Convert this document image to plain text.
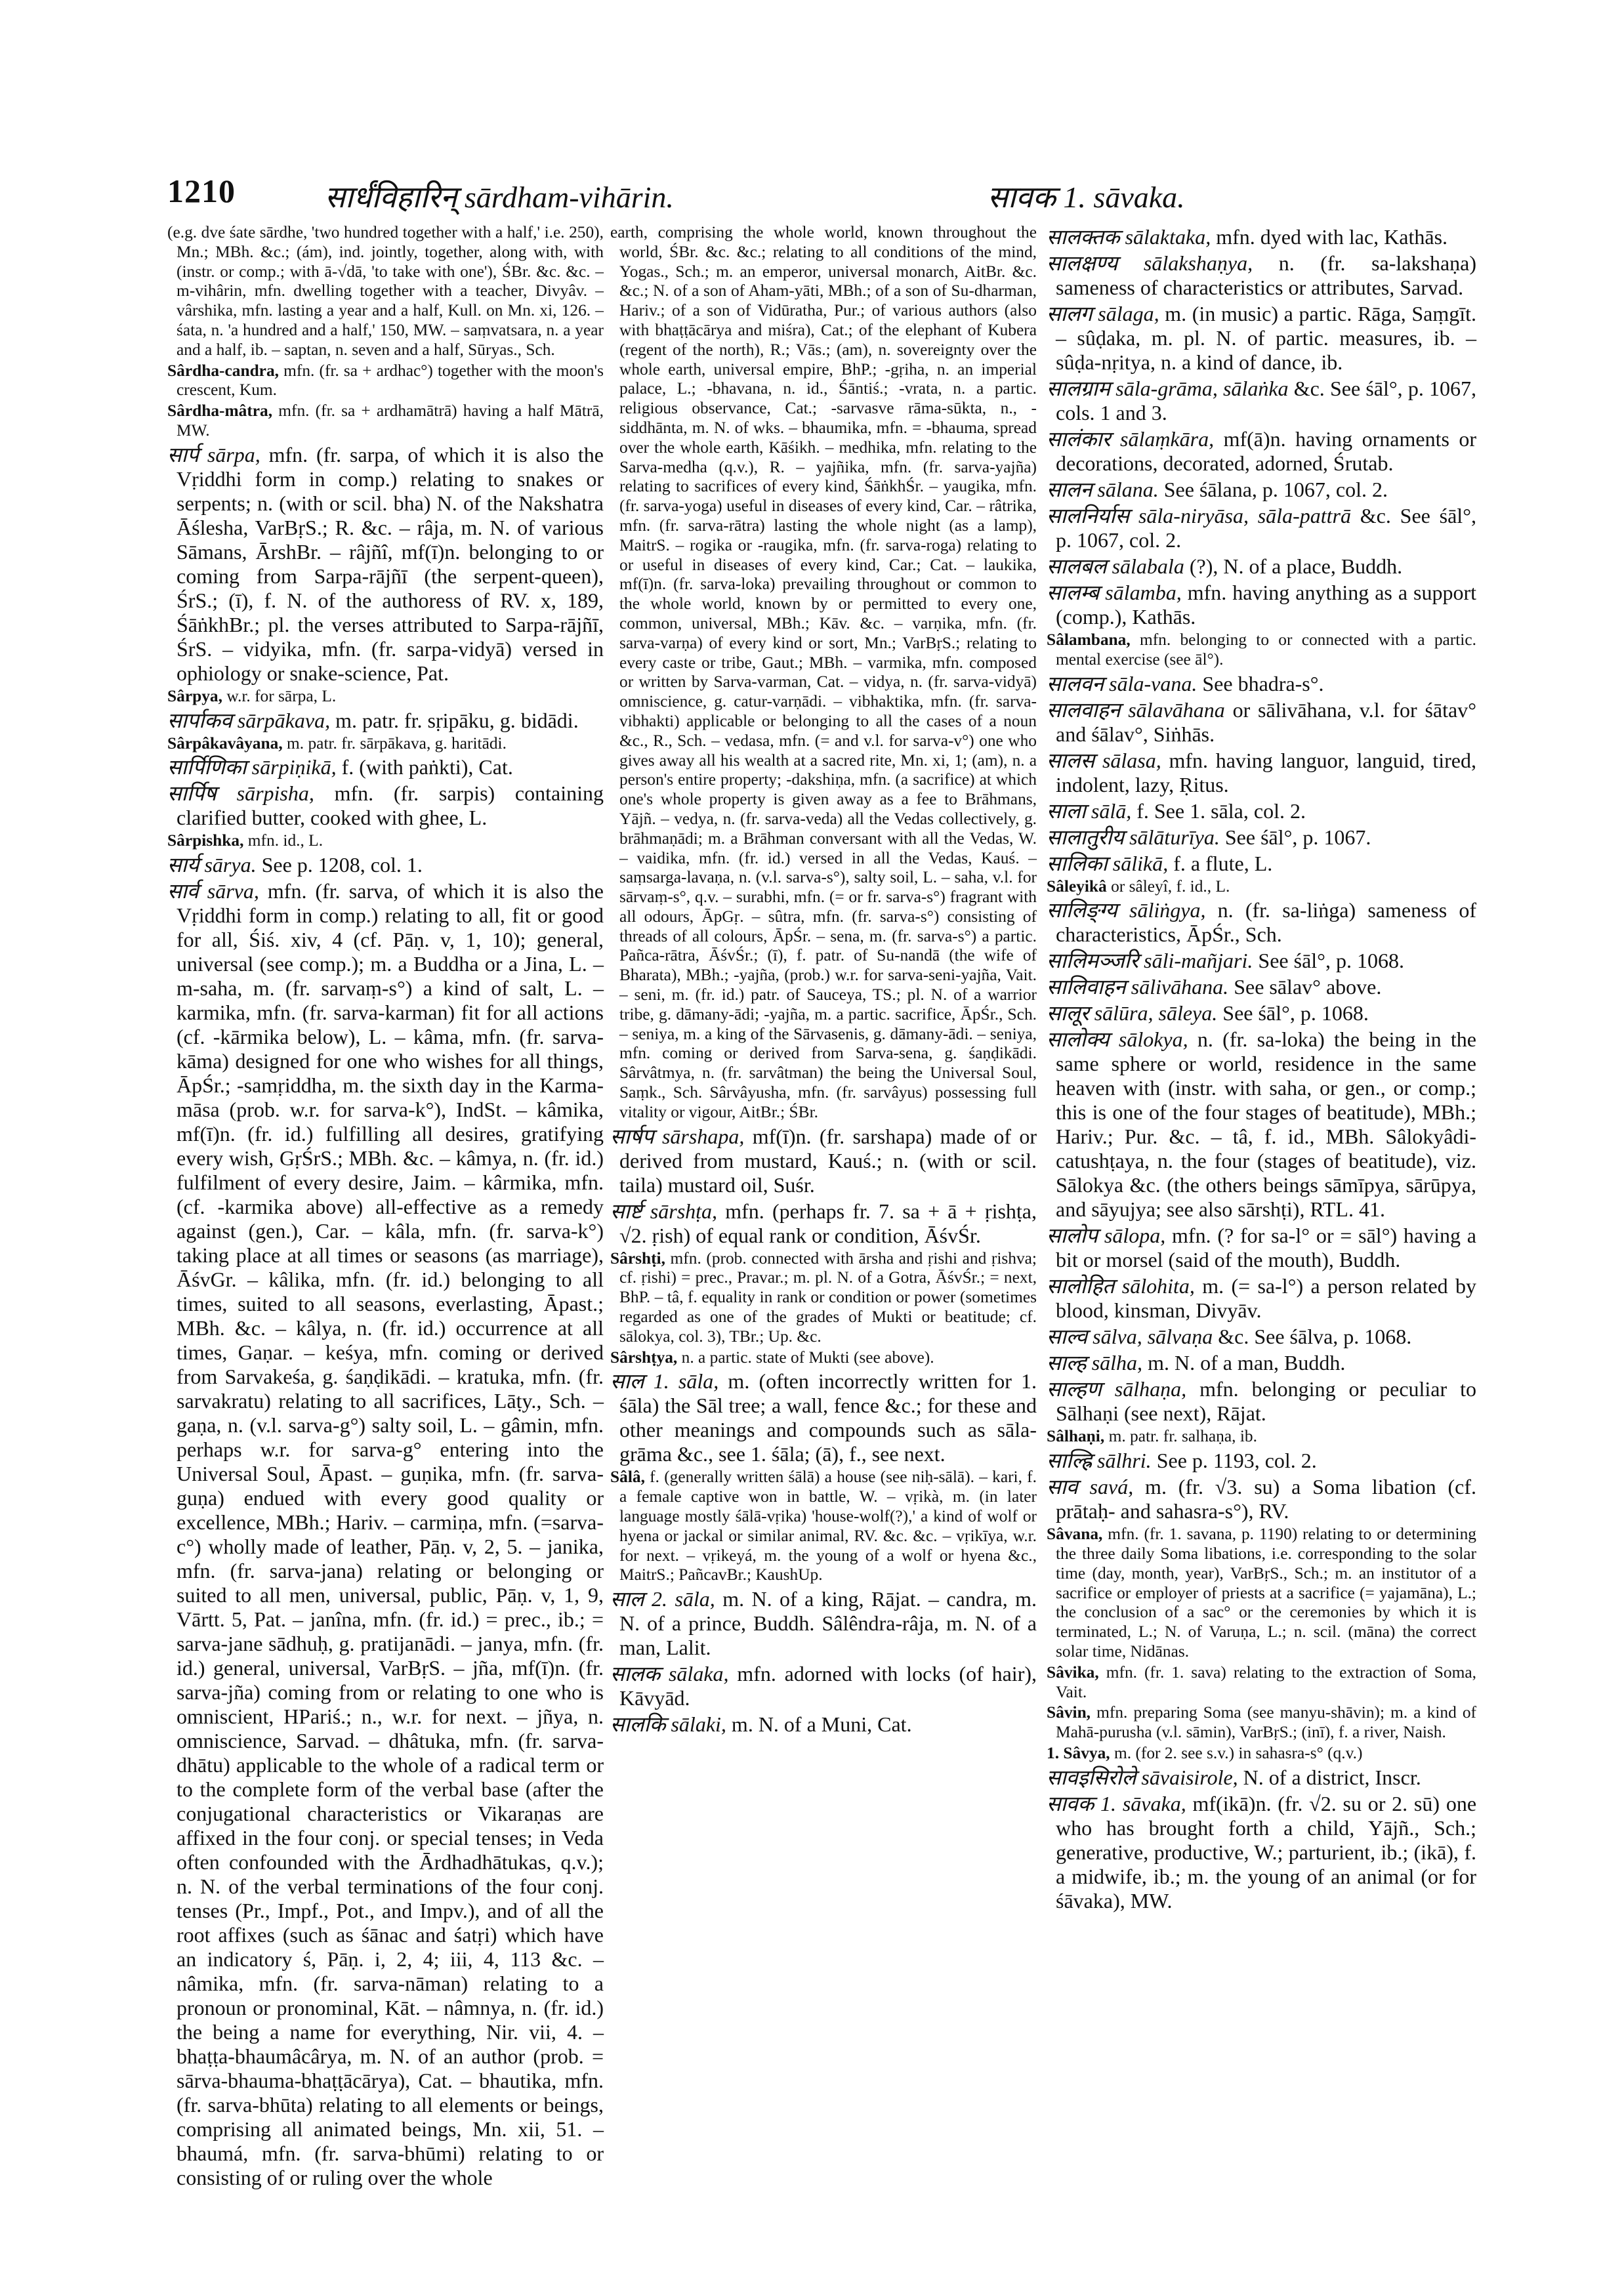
1210	सार्धंविहारिन् sārdham-vihārin.	सावक 1. sāvaka.

(e.g. dve śate sārdhe, 'two hundred together with a half,' i.e. 250), Mn.; MBh. &c.; (ám), ind. jointly, together, along with, with (instr. or comp.; with ā-√dā, 'to take with one'), ŚBr. &c. &c. – m-vihârin, mfn. dwelling together with a teacher, Divyâv. – vârshika, mfn. lasting a year and a half, Kull. on Mn. xi, 126. – śata, n. 'a hundred and a half,' 150, MW. – saṃvatsara, n. a year and a half, ib. – saptan, n. seven and a half, Sūryas., Sch.

Sârdha-candra, mfn. (fr. sa + ardhac°) together with the moon's crescent, Kum.

Sârdha-mâtra, mfn. (fr. sa + ardhamātrā) having a half Mātrā, MW.

सार्प sārpa, mfn. (fr. sarpa, of which it is also the Vṛiddhi form in comp.) relating to snakes or serpents; n. (with or scil. bha) N. of the Nakshatra Āślesha, VarBṛS.; R. &c. – râja, m. N. of various Sāmans, ĀrshBr. – râjñî, mf(ī)n. belonging to or coming from Sarpa-rājñī (the serpent-queen), ŚrS.; (ī), f. N. of the authoress of RV. x, 189, ŚāṅkhBr.; pl. the verses attributed to Sarpa-rājñī, ŚrS. – vidyika, mfn. (fr. sarpa-vidyā) versed in ophiology or snake-science, Pat.

Sârpya, w.r. for sārpa, L.

सार्पाकव sārpākava, m. patr. fr. sṛipāku, g. bidādi.

Sârpâkavâyana, m. patr. fr. sārpākava, g. haritādi.

सार्पिणिका sārpiṇikā, f. (with paṅkti), Cat.

सार्पिष sārpisha, mfn. (fr. sarpis) containing clarified butter, cooked with ghee, L.

Sârpishka, mfn. id., L.

सार्य sārya. See p. 1208, col. 1.

सार्व sārva, mfn. (fr. sarva, of which it is also the Vṛiddhi form in comp.) relating to all, fit or good for all, Śiś. xiv, 4 (cf. Pāṇ. v, 1, 10); general, universal (see comp.); m. a Buddha or a Jina, L. – m-saha, m. (fr. sarvaṃ-s°) a kind of salt, L. – karmika, mfn. (fr. sarva-karman) fit for all actions (cf. -kārmika below), L. – kâma, mfn. (fr. sarva-kāma) designed for one who wishes for all things, ĀpŚr.; -samṛiddha, m. the sixth day in the Karma-māsa (prob. w.r. for sarva-k°), IndSt. – kâmika, mf(ī)n. (fr. id.) fulfilling all desires, gratifying every wish, GṛŚrS.; MBh. &c. – kâmya, n. (fr. id.) fulfilment of every desire, Jaim. – kârmika, mfn. (cf. -karmika above) all-effective as a remedy against (gen.), Car. – kâla, mfn. (fr. sarva-k°) taking place at all times or seasons (as marriage), ĀśvGr. – kâlika, mfn. (fr. id.) belonging to all times, suited to all seasons, everlasting, Āpast.; MBh. &c. – kâlya, n. (fr. id.) occurrence at all times, Gaṇar. – keśya, mfn. coming or derived from Sarvakeśa, g. śaṇḍikādi. – kratuka, mfn. (fr. sarvakratu) relating to all sacrifices, Lāṭy., Sch. – gaṇa, n. (v.l. sarva-g°) salty soil, L. – gâmin, mfn. perhaps w.r. for sarva-g° entering into the Universal Soul, Āpast. – guṇika, mfn. (fr. sarva-guṇa) endued with every good quality or excellence, MBh.; Hariv. – carmiṇa, mfn. (=sarva-c°) wholly made of leather, Pāṇ. v, 2, 5. – janika, mfn. (fr. sarva-jana) relating or belonging or suited to all men, universal, public, Pāṇ. v, 1, 9, Vārtt. 5, Pat. – janîna, mfn. (fr. id.) = prec., ib.; = sarva-jane sādhuḥ, g. pratijanādi. – janya, mfn. (fr. id.) general, universal, VarBṛS. – jña, mf(ī)n. (fr. sarva-jña) coming from or relating to one who is omniscient, HPariś.; n., w.r. for next. – jñya, n. omniscience, Sarvad. – dhâtuka, mfn. (fr. sarva-dhātu) applicable to the whole of a radical term or to the complete form of the verbal base (after the conjugational characteristics or Vikaraṇas are affixed in the four conj. or special tenses; in Veda often confounded with the Ārdhadhātukas, q.v.); n. N. of the verbal terminations of the four conj. tenses (Pr., Impf., Pot., and Impv.), and of all the root affixes (such as śānac and śatṛi) which have an indicatory ś, Pāṇ. i, 2, 4; iii, 4, 113 &c. – nâmika, mfn. (fr. sarva-nāman) relating to a pronoun or pronominal, Kāt. – nâmnya, n. (fr. id.) the being a name for everything, Nir. vii, 4. – bhaṭṭa-bhaumâcârya, m. N. of an author (prob. = sārva-bhauma-bhaṭṭācārya), Cat. – bhautika, mfn. (fr. sarva-bhūta) relating to all elements or beings, comprising all animated beings, Mn. xii, 51. – bhaumá, mfn. (fr. sarva-bhūmi) relating to or consisting of or ruling over the whole

earth, comprising the whole world, known throughout the world, ŚBr. &c. &c.; relating to all conditions of the mind, Yogas., Sch.; m. an emperor, universal monarch, AitBr. &c. &c.; N. of a son of Aham-yāti, MBh.; of a son of Su-dharman, Hariv.; of a son of Vidūratha, Pur.; of various authors (also with bhaṭṭācārya and miśra), Cat.; of the elephant of Kubera (regent of the north), R.; Vās.; (am), n. sovereignty over the whole earth, universal empire, BhP.; -gṛiha, n. an imperial palace, L.; -bhavana, n. id., Śāntiś.; -vrata, n. a partic. religious observance, Cat.; -sarvasve rāma-sūkta, n., -siddhānta, m. N. of wks. – bhaumika, mfn. = -bhauma, spread over the whole earth, Kāśikh. – medhika, mfn. relating to the Sarva-medha (q.v.), R. – yajñika, mfn. (fr. sarva-yajña) relating to sacrifices of every kind, ŚāṅkhŚr. – yaugika, mfn. (fr. sarva-yoga) useful in diseases of every kind, Car. – râtrika, mfn. (fr. sarva-rātra) lasting the whole night (as a lamp), MaitrS. – rogika or -raugika, mfn. (fr. sarva-roga) relating to or useful in diseases of every kind, Car.; Cat. – laukika, mf(ī)n. (fr. sarva-loka) prevailing throughout or common to the whole world, known by or permitted to every one, common, universal, MBh.; Kāv. &c. – varṇika, mfn. (fr. sarva-varṇa) of every kind or sort, Mn.; VarBṛS.; relating to every caste or tribe, Gaut.; MBh. – varmika, mfn. composed or written by Sarva-varman, Cat. – vidya, n. (fr. sarva-vidyā) omniscience, g. catur-varṇādi. – vibhaktika, mfn. (fr. sarva-vibhakti) applicable or belonging to all the cases of a noun &c., R., Sch. – vedasa, mfn. (= and v.l. for sarva-v°) one who gives away all his wealth at a sacred rite, Mn. xi, 1; (am), n. a person's entire property; -dakshiṇa, mfn. (a sacrifice) at which one's whole property is given away as a fee to Brāhmans, Yājñ. – vedya, n. (fr. sarva-veda) all the Vedas collectively, g. brāhmaṇādi; m. a Brāhman conversant with all the Vedas, W. – vaidika, mfn. (fr. id.) versed in all the Vedas, Kauś. – saṃsarga-lavaṇa, n. (v.l. sarva-s°), salty soil, L. – saha, v.l. for sārvaṃ-s°, q.v. – surabhi, mfn. (= or fr. sarva-s°) fragrant with all odours, ĀpGṛ. – sûtra, mfn. (fr. sarva-s°) consisting of threads of all colours, ĀpŚr. – sena, m. (fr. sarva-s°) a partic. Pañca-rātra, ĀśvŚr.; (ī), f. patr. of Su-nandā (the wife of Bharata), MBh.; -yajña, (prob.) w.r. for sarva-seni-yajña, Vait. – seni, m. (fr. id.) patr. of Sauceya, TS.; pl. N. of a warrior tribe, g. dāmany-ādi; -yajña, m. a partic. sacrifice, ĀpŚr., Sch. – seniya, m. a king of the Sārvasenis, g. dāmany-ādi. – seniya, mfn. coming or derived from Sarva-sena, g. śaṇḍikādi. Sârvâtmya, n. (fr. sarvâtman) the being the Universal Soul, Saṃk., Sch. Sârvâyusha, mfn. (fr. sarvâyus) possessing full vitality or vigour, AitBr.; ŚBr.

सार्षप sārshapa, mf(ī)n. (fr. sarshapa) made of or derived from mustard, Kauś.; n. (with or scil. taila) mustard oil, Suśr.

सार्ष्ट sārshṭa, mfn. (perhaps fr. 7. sa + ā + ṛishṭa, √2. ṛish) of equal rank or condition, ĀśvŚr.

Sârshṭi, mfn. (prob. connected with ārsha and ṛishi and ṛishva; cf. ṛishi) = prec., Pravar.; m. pl. N. of a Gotra, ĀśvŚr.; = next, BhP. – tâ, f. equality in rank or condition or power (sometimes regarded as one of the grades of Mukti or beatitude; cf. sālokya, col. 3), TBr.; Up. &c.

Sârshṭya, n. a partic. state of Mukti (see above).

साल 1. sāla, m. (often incorrectly written for 1. śāla) the Sāl tree; a wall, fence &c.; for these and other meanings and compounds such as sāla-grāma &c., see 1. śāla; (ā), f., see next.

Sâlâ, f. (generally written śālā) a house (see niḥ-sālā). – kari, f. a female captive won in battle, W. – vṛikà, m. (in later language mostly śālā-vṛika) 'house-wolf(?),' a kind of wolf or hyena or jackal or similar animal, RV. &c. &c. – vṛikīya, w.r. for next. – vṛikeyá, m. the young of a wolf or hyena &c., MaitrS.; PañcavBr.; KaushUp.

साल 2. sāla, m. N. of a king, Rājat. – candra, m. N. of a prince, Buddh. Sâlêndra-râja, m. N. of a man, Lalit.

सालक sālaka, mfn. adorned with locks (of hair), Kāvyād.

सालकि sālaki, m. N. of a Muni, Cat.

सालक्तक sālaktaka, mfn. dyed with lac, Kathās.

सालक्षण्य sālakshaṇya, n. (fr. sa-lakshaṇa) sameness of characteristics or attributes, Sarvad.

सालग sālaga, m. (in music) a partic. Rāga, Saṃgīt. – sûḍaka, m. pl. N. of partic. measures, ib. – sûḍa-nṛitya, n. a kind of dance, ib.

सालग्राम sāla-grāma, sālaṅka &c. See śāl°, p. 1067, cols. 1 and 3.

सालंकार sālaṃkāra, mf(ā)n. having ornaments or decorations, decorated, adorned, Śrutab.

सालन sālana. See śālana, p. 1067, col. 2.

सालनिर्यास sāla-niryāsa, sāla-pattrā &c. See śāl°, p. 1067, col. 2.

सालबल sālabala (?), N. of a place, Buddh.

सालम्ब sālamba, mfn. having anything as a support (comp.), Kathās.

Sâlambana, mfn. belonging to or connected with a partic. mental exercise (see āl°).

सालवन sāla-vana. See bhadra-s°.

सालवाहन sālavāhana or sālivāhana, v.l. for śātav° and śālav°, Siṅhās.

सालस sālasa, mfn. having languor, languid, tired, indolent, lazy, Ṛitus.

साला sālā, f. See 1. sāla, col. 2.

सालातुरीय sālāturīya. See śāl°, p. 1067.

सालिका sālikā, f. a flute, L.

Sâleyikâ or sâleyî, f. id., L.

सालिङ्ग्य sāliṅgya, n. (fr. sa-liṅga) sameness of characteristics, ĀpŚr., Sch.

सालिमञ्जरि sāli-mañjari. See śāl°, p. 1068.

सालिवाहन sālivāhana. See sālav° above.

सालूर sālūra, sāleya. See śāl°, p. 1068.

सालोक्य sālokya, n. (fr. sa-loka) the being in the same sphere or world, residence in the same heaven with (instr. with saha, or gen., or comp.; this is one of the four stages of beatitude), MBh.; Hariv.; Pur. &c. – tâ, f. id., MBh. Sâlokyâdi-catushṭaya, n. the four (stages of beatitude), viz. Sālokya &c. (the others beings sāmīpya, sārūpya, and sāyujya; see also sārshṭi), RTL. 41.

सालोप sālopa, mfn. (? for sa-l° or = sāl°) having a bit or morsel (said of the mouth), Buddh.

सालोहित sālohita, m. (= sa-l°) a person related by blood, kinsman, Divyāv.

साल्व sālva, sālvaṇa &c. See śālva, p. 1068.

साल्ह sālha, m. N. of a man, Buddh.

साल्हण sālhaṇa, mfn. belonging or peculiar to Sālhaṇi (see next), Rājat.

Sâlhaṇi, m. patr. fr. salhaṇa, ib.

साल्ह्रि sālhri. See p. 1193, col. 2.

साव savá, m. (fr. √3. su) a Soma libation (cf. prātaḥ- and sahasra-s°), RV.

Sâvana, mfn. (fr. 1. savana, p. 1190) relating to or determining the three daily Soma libations, i.e. corresponding to the solar time (day, month, year), VarBṛS., Sch.; m. an institutor of a sacrifice or employer of priests at a sacrifice (= yajamāna), L.; the conclusion of a sac° or the ceremonies by which it is terminated, L.; N. of Varuṇa, L.; n. scil. (māna) the correct solar time, Nidānas.

Sâvika, mfn. (fr. 1. sava) relating to the extraction of Soma, Vait.

Sâvin, mfn. preparing Soma (see manyu-shāvin); m. a kind of Mahā-purusha (v.l. sāmin), VarBṛS.; (inī), f. a river, Naish.

1. Sâvya, m. (for 2. see s.v.) in sahasra-s° (q.v.)

सावइसिरोले sāvaisirole, N. of a district, Inscr.

सावक 1. sāvaka, mf(ikā)n. (fr. √2. su or 2. sū) one who has brought forth a child, Yājñ., Sch.; generative, productive, W.; parturient, ib.; (ikā), f. a midwife, ib.; m. the young of an animal (or for śāvaka), MW.
